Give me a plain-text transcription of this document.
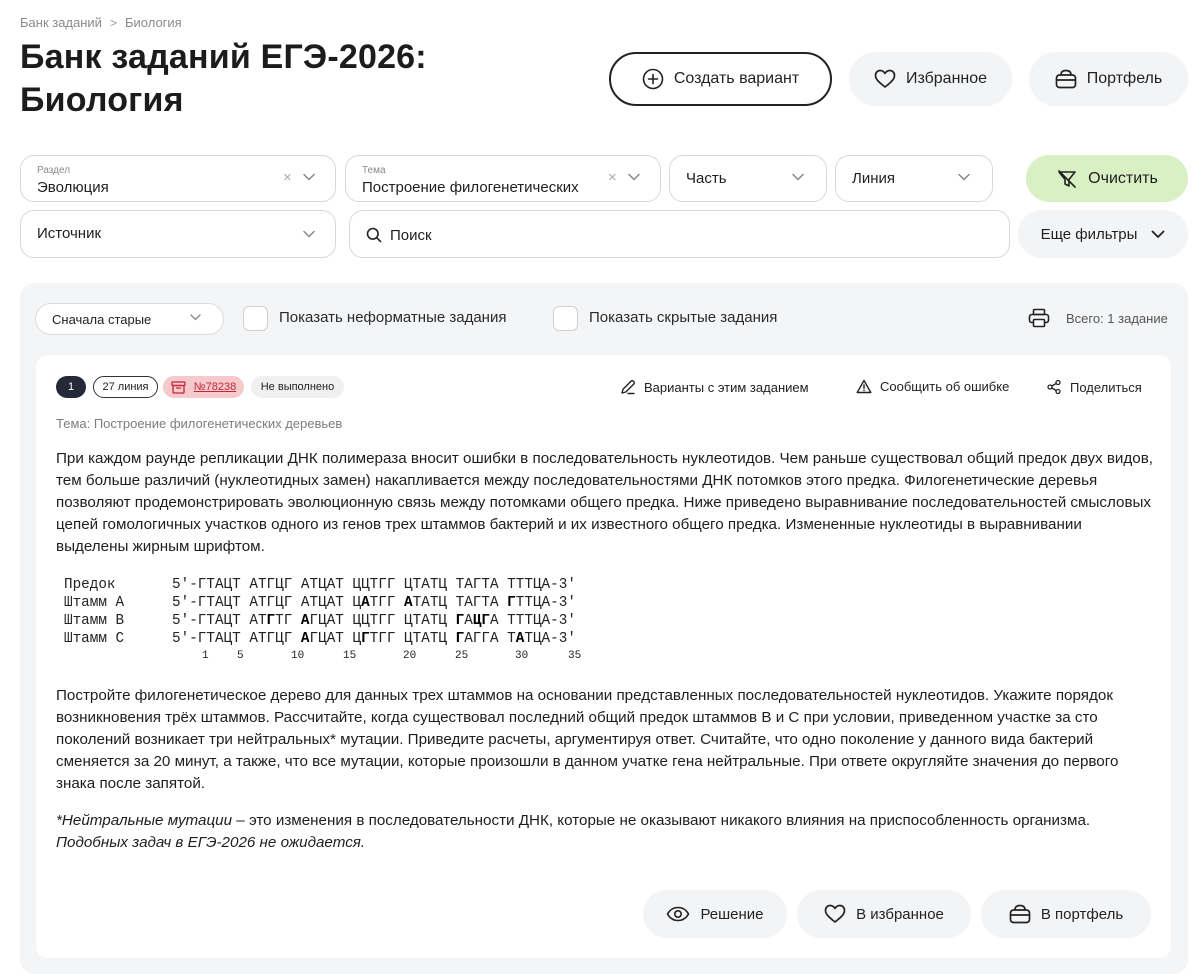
Банк заданий > Биология
Банк заданий ЕГЭ-2026: Биология
Создать вариант	Избранное	Портфель
Раздел
Эволюция
×	Тема
Построение филогенетических
×	Часть	Линия	Очистить
Источник
Поиск	Еще фильтры
Сначала старые	Показать неформатные задания	Показать скрытые задания	Всего: 1 задание
1	27 линия	№78238	Не выполнено	Варианты с этим заданием	Сообщить об ошибке	Поделиться
Тема: Построение филогенетических деревьев

При каждом раунде репликации ДНК полимераза вносит ошибки в последовательность нуклеотидов. Чем раньше существовал общий предок двух видов, тем больше различий (нуклеотидных замен) накапливается между последовательностями ДНК потомков этого предка. Филогенетические деревья позволяют продемонстрировать эволюционную связь между потомками общего предка. Ниже приведено выравнивание последовательностей смысловых цепей гомологичных участков одного из генов трех штаммов бактерий и их известного общего предка. Измененные нуклеотиды в выравнивании выделены жирным шрифтом.

Предок	5′-ГТАЦТ АТГЦГ АТЦАТ ЦЦТГГ ЦТАТЦ ТАГТА ТТТЦА-3′
Штамм А	5′-ГТАЦТ АТГЦГ АТЦАТ ЦАТГГ АТАТЦ ТАГТА ГТТЦА-3′
Штамм В	5′-ГТАЦТ АТГТГ АГЦАТ ЦЦТГГ ЦТАТЦ ГАЦГА ТТТЦА-3′
Штамм С	5′-ГТАЦТ АТГЦГ АГЦАТ ЦГТГГ ЦТАТЦ ГАГГА ТАТЦА-3′
1	5	10	15	20	25	30	35

Постройте филогенетическое дерево для данных трех штаммов на основании представленных последовательностей нуклеотидов. Укажите порядок возникновения трёх штаммов. Рассчитайте, когда существовал последний общий предок штаммов В и С при условии, приведенном участке за сто поколений возникает три нейтральных* мутации. Приведите расчеты, аргументируя ответ. Считайте, что одно поколение у данного вида бактерий сменяется за 20 минут, а также, что все мутации, которые произошли в данном учатке гена нейтральные. При ответе округляйте значения до первого знака после запятой.

*Нейтральные мутации – это изменения в последовательности ДНК, которые не оказывают никакого влияния на приспособленность организма.
Подобных задач в ЕГЭ-2026 не ожидается.

Решение	В избранное	В портфель
